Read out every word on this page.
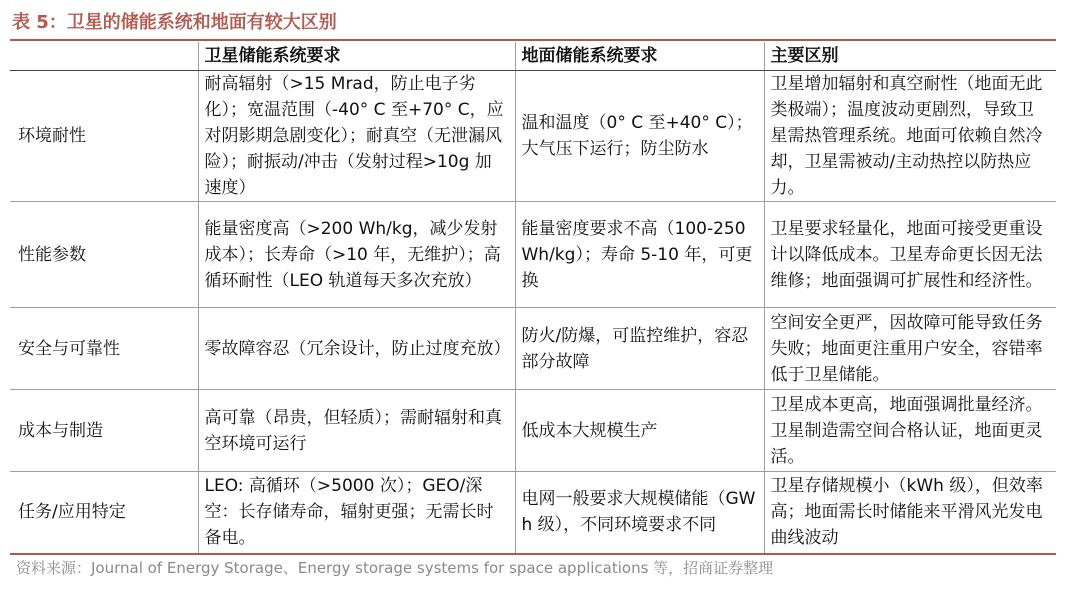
表 5：卫星的储能系统和地面有较大区别
	卫星储能系统要求	地面储能系统要求	主要区别

环境耐性	耐高辐射（>15 Mrad，防止电子劣化）；宽温范围（-40° C 至+70° C，应对阴影期急剧变化）；耐真空（无泄漏风险）；耐振动/冲击（发射过程>10g 加速度）	温和温度（0° C 至+40° C）；大气压下运行；防尘防水	卫星增加辐射和真空耐性（地面无此类极端）；温度波动更剧烈，导致卫星需热管理系统。地面可依赖自然冷却，卫星需被动/主动热控以防热应力。

性能参数	能量密度高（>200 Wh/kg，减少发射成本）；长寿命（>10 年，无维护）；高循环耐性（LEO 轨道每天多次充放）	能量密度要求不高（100-250 Wh/kg）；寿命 5-10 年，可更换	卫星要求轻量化，地面可接受更重设计以降低成本。卫星寿命更长因无法维修；地面强调可扩展性和经济性。

安全与可靠性	零故障容忍（冗余设计，防止过度充放）	防火/防爆，可监控维护，容忍部分故障	空间安全更严，因故障可能导致任务失败；地面更注重用户安全，容错率低于卫星储能。

成本与制造	高可靠（昂贵，但轻质）；需耐辐射和真空环境可运行	低成本大规模生产	卫星成本更高，地面强调批量经济。卫星制造需空间合格认证，地面更灵活。

任务/应用特定	LEO: 高循环（>5000 次）；GEO/深空：长存储寿命，辐射更强；无需长时备电。	电网一般要求大规模储能（GWh 级），不同环境要求不同	卫星存储规模小（kWh 级），但效率高；地面需长时储能来平滑风光发电曲线波动
资料来源：Journal of Energy Storage、Energy storage systems for space applications 等，招商证券整理
